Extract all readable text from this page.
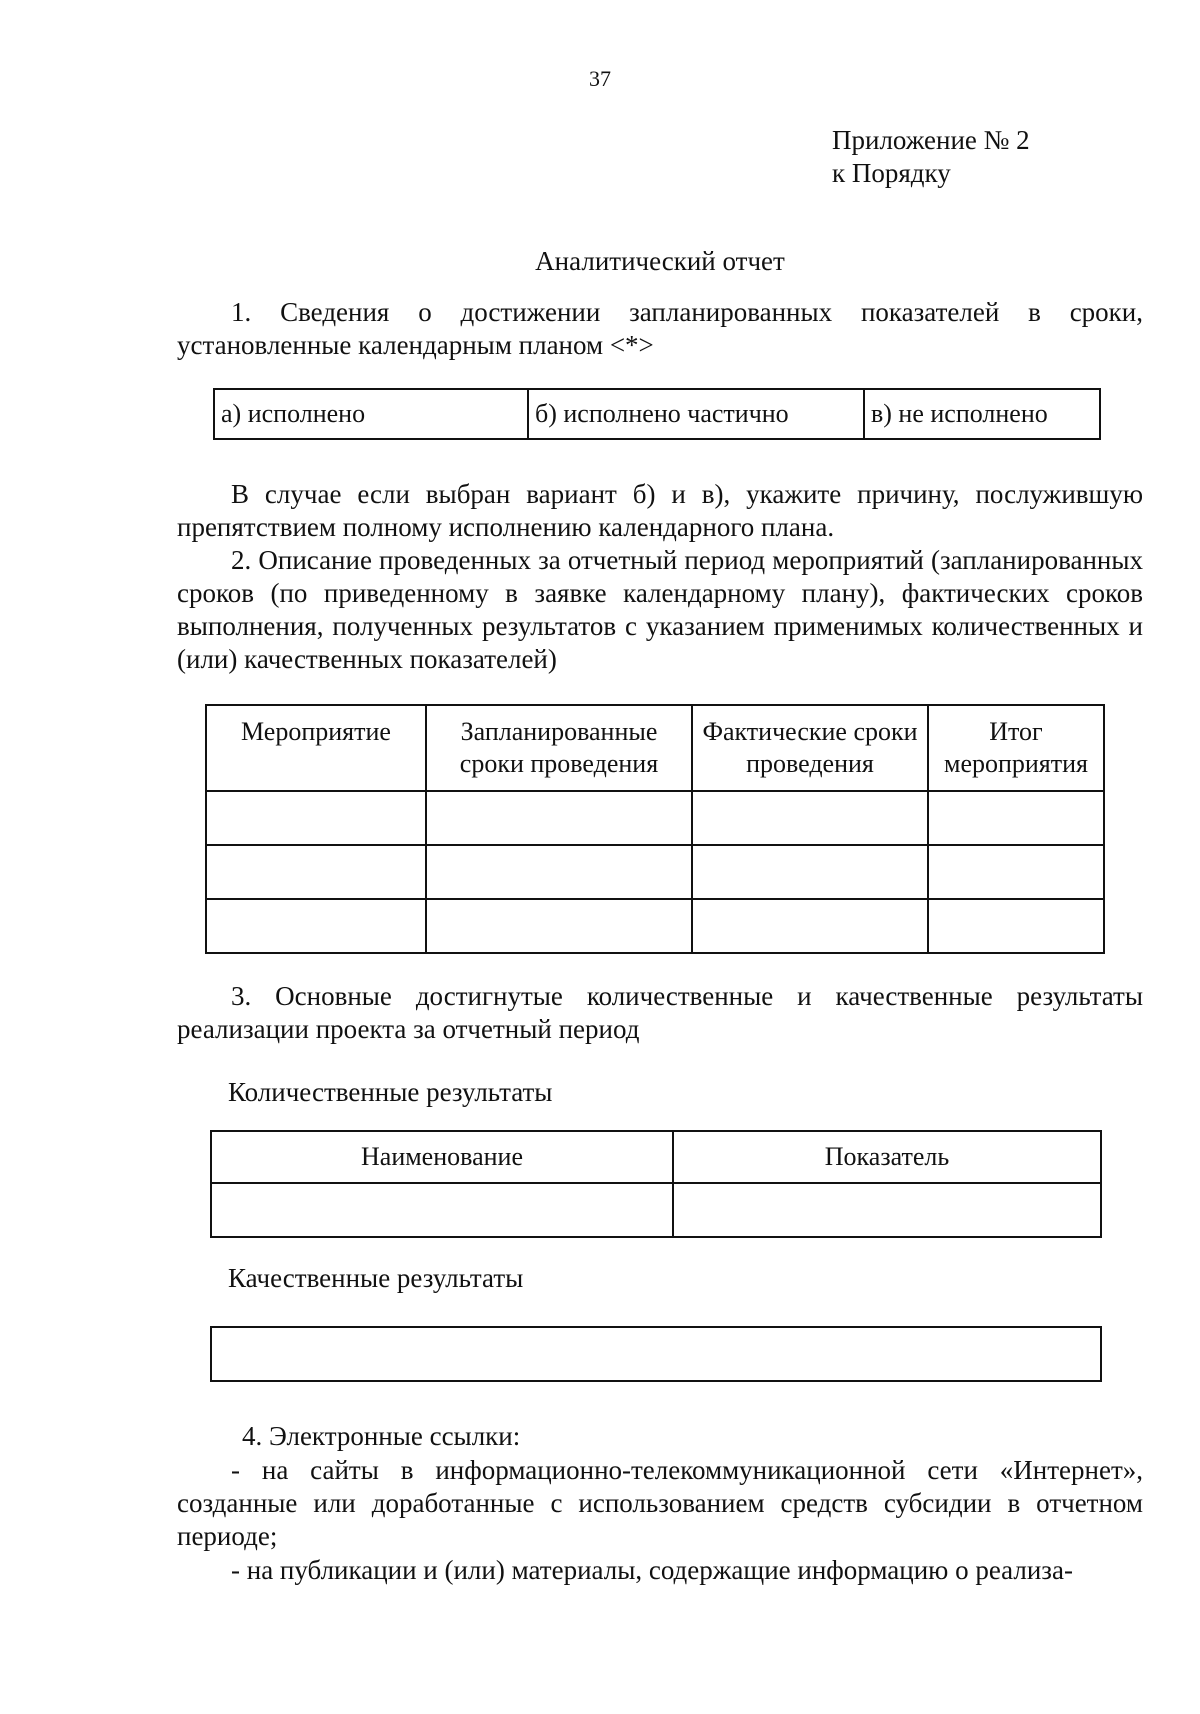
37
Приложение № 2
к Порядку
Аналитический отчет

1. Сведения о достижении запланированных показателей в сроки, установленные календарным планом <*>

а) исполнено	б) исполнено частично	в) не исполнено

В случае если выбран вариант б) и в), укажите причину, послужившую препятствием полному исполнению календарного плана.

2. Описание проведенных за отчетный период мероприятий (запланированных сроков (по приведенному в заявке календарному плану), фактических сроков выполнения, полученных результатов с указанием применимых количественных и (или) качественных показателей)

Мероприятие	Запланированные сроки проведения	Фактические сроки проведения	Итог мероприятия

3. Основные достигнутые количественные и качественные результаты реализации проекта за отчетный период

Количественные результаты
Наименование	Показатель

Качественные результаты
4. Электронные ссылки:

- на сайты в информационно-телекоммуникационной сети «Интернет», созданные или доработанные с использованием средств субсидии в отчетном периоде;

- на публикации и (или) материалы, содержащие информацию о реализа-
